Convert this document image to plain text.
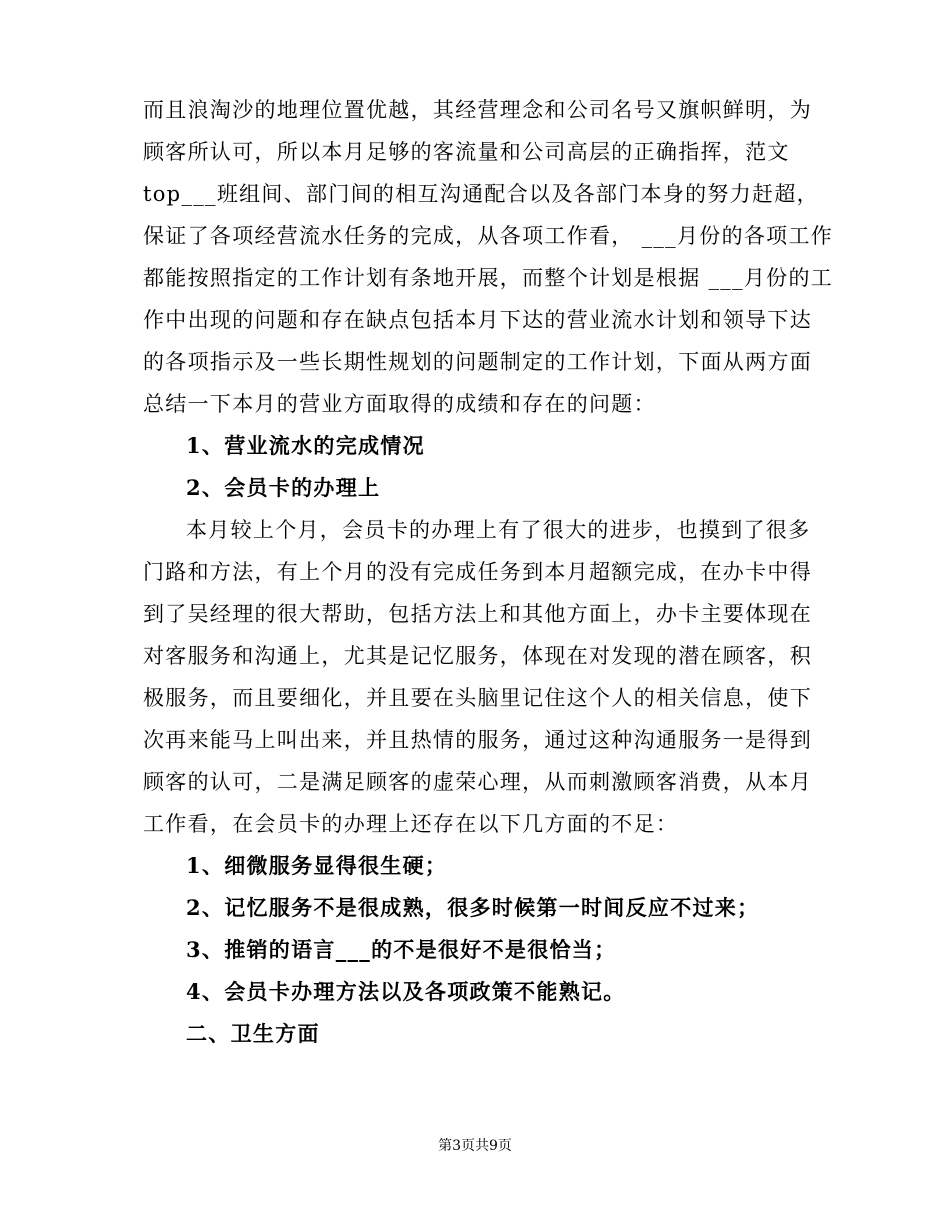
而且浪淘沙的地理位置优越，其经营理念和公司名号又旗帜鲜明，为
顾客所认可，所以本月足够的客流量和公司高层的正确指挥，范文
top___班组间、部门间的相互沟通配合以及各部门本身的努力赶超，
保证了各项经营流水任务的完成，从各项工作看， ___月份的各项工作
都能按照指定的工作计划有条地开展，而整个计划是根据 ___月份的工
作中出现的问题和存在缺点包括本月下达的营业流水计划和领导下达
的各项指示及一些长期性规划的问题制定的工作计划，下面从两方面
总结一下本月的营业方面取得的成绩和存在的问题：
1、营业流水的完成情况
2、会员卡的办理上
本月较上个月，会员卡的办理上有了很大的进步，也摸到了很多
门路和方法，有上个月的没有完成任务到本月超额完成，在办卡中得
到了吴经理的很大帮助，包括方法上和其他方面上，办卡主要体现在
对客服务和沟通上，尤其是记忆服务，体现在对发现的潜在顾客，积
极服务，而且要细化，并且要在头脑里记住这个人的相关信息，使下
次再来能马上叫出来，并且热情的服务，通过这种沟通服务一是得到
顾客的认可，二是满足顾客的虚荣心理，从而刺激顾客消费，从本月
工作看，在会员卡的办理上还存在以下几方面的不足：
1、细微服务显得很生硬；
2、记忆服务不是很成熟，很多时候第一时间反应不过来；
3、推销的语言___的不是很好不是很恰当；
4、会员卡办理方法以及各项政策不能熟记。
二、卫生方面
第3页共9页
